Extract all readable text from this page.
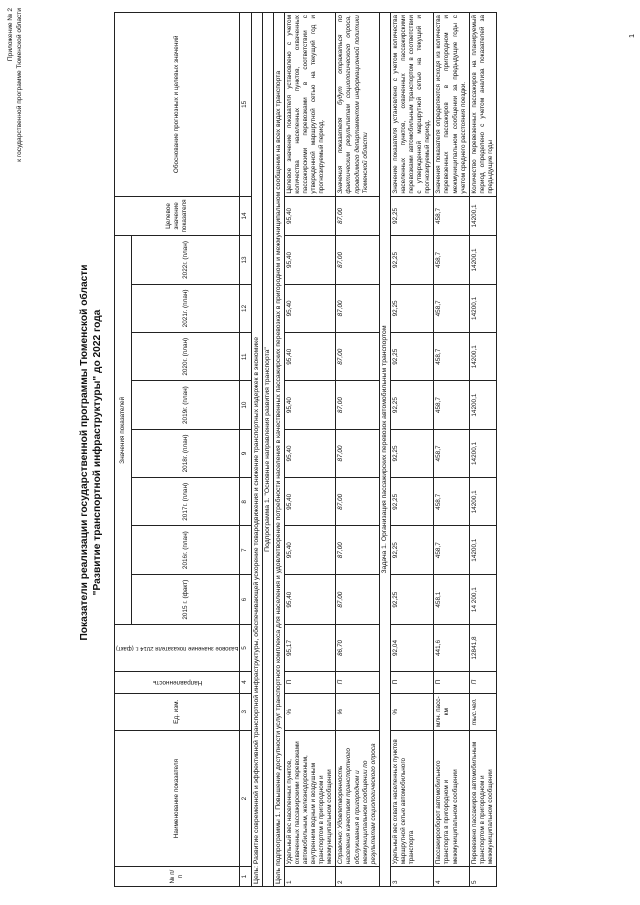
Приложение № 2 к государственной программе Тюменской области
Показатели реализации государственной программы Тюменской области "Развитие транспортной инфраструктуры" до 2022 года
№ п/п	Наименование показателя	Ед. изм.	Направленность	Базовое значение показателя 2014 г. (факт)	Значения показателей								Целевое значение показателя	Обоснование прогнозных и целевых значений
					2015 г. (факт)	2016г. (план)	2017г. (план)	2018г. (план)	2019г. (план)	2020г. (план)	2021г. (план)	2022г. (план)		
1	2	3	4	5	6	7	8	9	10	11	12	13	14	15
Цель: Развитие современной и эффективной транспортной инфраструктуры, обеспечивающей ускорение товародвижения и снижение транспортных издержек в экономике														
Подпрограмма 1. "Основные направления развития транспорта"														
Цель подпрограммы 1. Повышение доступности услуг транспортного комплекса для населения и удовлетворение потребности населения в качественных пассажирских перевозках в пригородном и межмуниципальном сообщении на всех видах транспорта														
1	Удельный вес населенных пунктов, охваченных пассажирскими перевозками автомобильным, железнодорожным, внутренним водным и воздушным транспортом в пригородном и межмуниципальном сообщении	%	П	95,17	95,40	95,40	95,40	95,40	95,40	95,40	95,40	95,40	95,40	Целевое значение показателя установлено с учетом количества населенных пунктов, охваченных пассажирскими перевозками в соответствии с утвержденной маршрутной сетью на текущий год и прогнозируемый период.
2	Справочно: Удовлетворенность населения качеством транспортного обслуживания в пригородном и межмуниципальном сообщении по результатам социологического опроса	%	П	86,70	87,00	87,00	87,00	87,00	87,00	87,00	87,00	87,00	87,00	Значения показателя будут отражаться по фактическим результатам социологического опроса, проводимого департаментом информационной политики Тюменской области
Задача 1. Организация пассажирских перевозок автомобильным транспортом														
3	Удельный вес охвата населенных пунктов маршрутной сетью автомобильного транспорта	%	П	92,04	92,25	92,25	92,25	92,25	92,25	92,25	92,25	92,25	92,25	Значение показателя установлено с учетом количества населенных пунктов, охваченных пассажирскими перевозками автомобильным транспортом в соответствии с утвержденной маршрутной сетью на текущий и прогнозируемый период.
4	Пассажирооборот автомобильного транспорта в пригородном и межмуниципальном сообщении	млн. пасс-км	П	441,6	458,1	458,7	458,7	458,7	458,7	458,7	458,7	458,7	458,7	Значения показателя определяются исходя из количества перевезенных пассажиров в пригородном и межмуниципальном сообщении за предыдущие годы с учетом среднего расстояния поездки.
5	Перевезено пассажиров автомобильным транспортом в пригородном и межмуниципальном сообщении	тыс.чел.	П	12841,8	14 200,1	14200,1	14200,1	14200,1	14200,1	14200,1	14200,1	14200,1	14200,1	Количество перевезенных пассажиров на планируемый период определено с учетом анализа показателей за предыдущие годы
1
